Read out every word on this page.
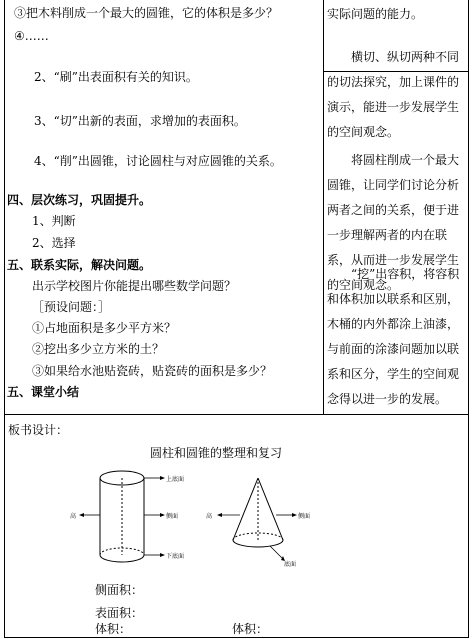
③把木料削成一个最大的圆锥，它的体积是多少？
④……
2、“刷”出表面积有关的知识。
3、“切”出新的表面，求增加的表面积。
4、“削”出圆锥，讨论圆柱与对应圆锥的关系。
四、层次练习，巩固提升。
1、判断
2、选择
五、联系实际，解决问题。
出示学校图片你能提出哪些数学问题？
［预设问题：］
①占地面积是多少平方米？
②挖出多少立方米的土？
③如果给水池贴瓷砖，贴瓷砖的面积是多少？
五、课堂小结
实际问题的能力。
横切、纵切两种不同
的切法探究，加上课件的
演示，能进一步发展学生
的空间观念。
将圆柱削成一个最大
圆锥，让同学们讨论分析
两者之间的关系，便于进
一步理解两者的内在联
系，从而进一步发展学生
的空间观念。
“挖”出容积，将容积
和体积加以联系和区别，
木桶的内外都涂上油漆，
与前面的涂漆问题加以联
系和区分，学生的空间观
念得以进一步的发展。
板书设计：
圆柱和圆锥的整理和复习
上底面
侧面
下底面
高	高	侧面
底面
侧面积：
表面积：
体积：	体积：
